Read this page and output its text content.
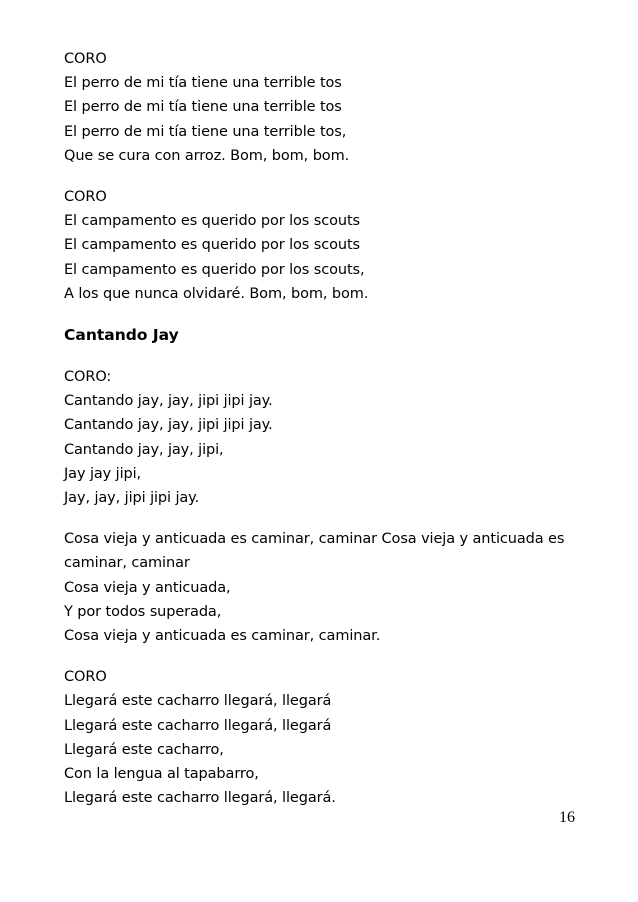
CORO
El perro de mi tía tiene una terrible tos
El perro de mi tía tiene una terrible tos
El perro de mi tía tiene una terrible tos,
Que se cura con arroz. Bom, bom, bom.
CORO
El campamento es querido por los scouts
El campamento es querido por los scouts
El campamento es querido por los scouts,
A los que nunca olvidaré. Bom, bom, bom.
Cantando Jay
CORO:
Cantando jay, jay, jipi jipi jay.
Cantando jay, jay, jipi jipi jay.
Cantando jay, jay, jipi,
Jay jay jipi,
Jay, jay, jipi jipi jay.
Cosa vieja y anticuada es caminar, caminar Cosa vieja y anticuada es caminar, caminar
Cosa vieja y anticuada,
Y por todos superada,
Cosa vieja y anticuada es caminar, caminar.
CORO
Llegará este cacharro llegará, llegará
Llegará este cacharro llegará, llegará
Llegará este cacharro,
Con la lengua al tapabarro,
Llegará este cacharro llegará, llegará.
16
